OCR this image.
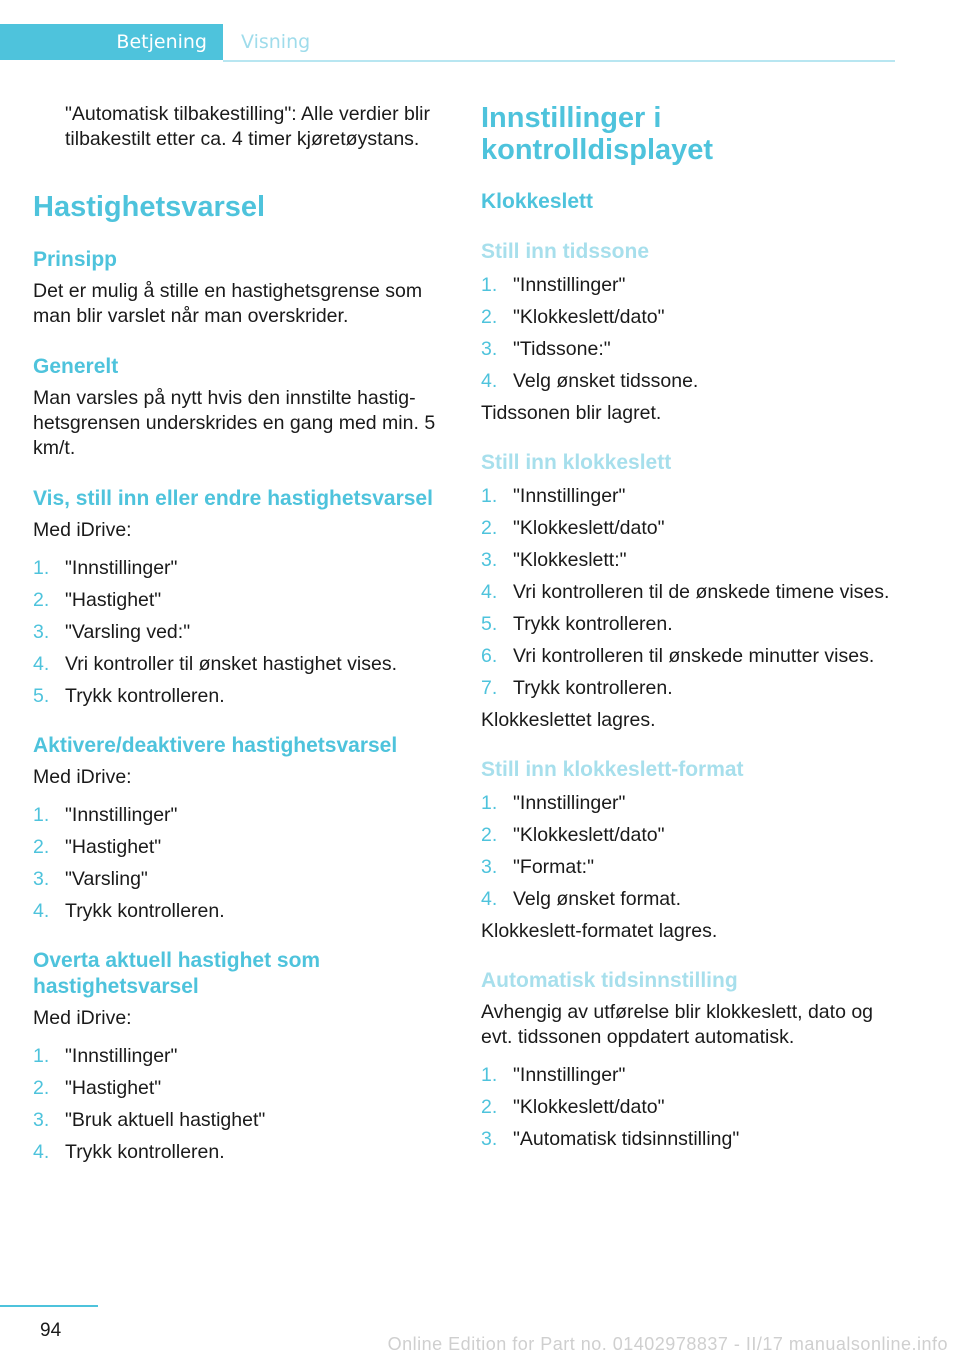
Betjening Visning

"Automatisk tilbakestilling": Alle verdier blir tilbakestilt etter ca. 4 timer kjøretøystans.

Hastighetsvarsel
Prinsipp

Det er mulig å stille en hastighetsgrense som man blir varslet når man overskrider.

Generelt

Man varsles på nytt hvis den innstilte hastighetsgrensen underskrides en gang med min. 5 km/t.

Vis, still inn eller endre hastighetsvarsel

Med iDrive:

1. "Innstillinger"
2. "Hastighet"
3. "Varsling ved:"
4. Vri kontroller til ønsket hastighet vises.
5. Trykk kontrolleren.
Aktivere/deaktivere hastighetsvarsel

Med iDrive:

1. "Innstillinger"
2. "Hastighet"
3. "Varsling"
4. Trykk kontrolleren.
Overta aktuell hastighet som hastighetsvarsel

Med iDrive:

1. "Innstillinger"
2. "Hastighet"
3. "Bruk aktuell hastighet"
4. Trykk kontrolleren.
Innstillinger i kontrolldisplayet
Klokkeslett
Still inn tidssone
1. "Innstillinger"
2. "Klokkeslett/dato"
3. "Tidssone:"
4. Velg ønsket tidssone.

Tidssonen blir lagret.

Still inn klokkeslett
1. "Innstillinger"
2. "Klokkeslett/dato"
3. "Klokkeslett:"
4. Vri kontrolleren til de ønskede timene vises.
5. Trykk kontrolleren.
6. Vri kontrolleren til ønskede minutter vises.
7. Trykk kontrolleren.

Klokkeslettet lagres.

Still inn klokkeslett-format
1. "Innstillinger"
2. "Klokkeslett/dato"
3. "Format:"
4. Velg ønsket format.

Klokkeslett-formatet lagres.

Automatisk tidsinnstilling

Avhengig av utførelse blir klokkeslett, dato og evt. tidssonen oppdatert automatisk.

1. "Innstillinger"
2. "Klokkeslett/dato"
3. "Automatisk tidsinnstilling"
94
Online Edition for Part no. 01402978837 - II/17 manualsonline.info
